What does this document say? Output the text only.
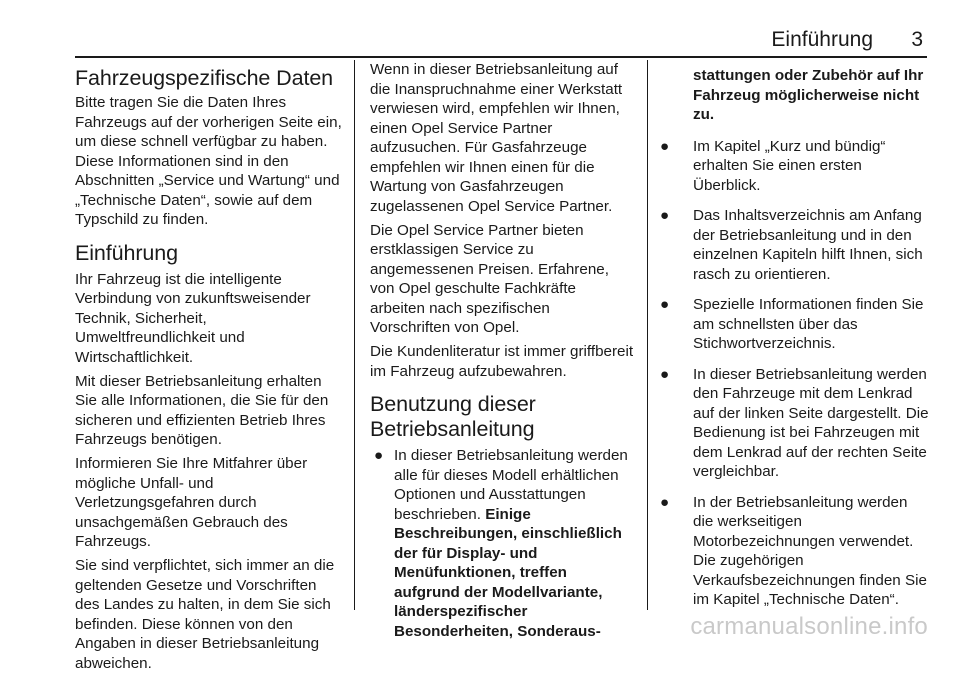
Einführung 3
Fahrzeugspezifische Daten

Bitte tragen Sie die Daten Ihres Fahrzeugs auf der vorherigen Seite ein, um diese schnell verfügbar zu haben. Diese Informationen sind in den Abschnitten „Service und Wartung“ und „Technische Daten“, sowie auf dem Typschild zu finden.

Einführung

Ihr Fahrzeug ist die intelligente Verbindung von zukunftsweisender Technik, Sicherheit, Umweltfreundlichkeit und Wirtschaftlichkeit.

Mit dieser Betriebsanleitung erhalten Sie alle Informationen, die Sie für den sicheren und effizienten Betrieb Ihres Fahrzeugs benötigen.

Informieren Sie Ihre Mitfahrer über mögliche Unfall- und Verletzungsgefahren durch unsachgemäßen Gebrauch des Fahrzeugs.

Sie sind verpflichtet, sich immer an die geltenden Gesetze und Vorschriften des Landes zu halten, in dem Sie sich befinden. Diese können von den Angaben in dieser Betriebsanleitung abweichen.

Wenn in dieser Betriebsanleitung auf die Inanspruchnahme einer Werkstatt verwiesen wird, empfehlen wir Ihnen, einen Opel Service Partner aufzusuchen. Für Gasfahrzeuge empfehlen wir Ihnen einen für die Wartung von Gasfahrzeugen zugelassenen Opel Service Partner.

Die Opel Service Partner bieten erstklassigen Service zu angemessenen Preisen. Erfahrene, von Opel geschulte Fachkräfte arbeiten nach spezifischen Vorschriften von Opel.

Die Kundenliteratur ist immer griffbereit im Fahrzeug aufzubewahren.

Benutzung dieser Betriebsanleitung
● In dieser Betriebsanleitung werden alle für dieses Modell erhältlichen Optionen und Ausstattungen beschrieben. Einige Beschreibungen, einschließlich der für Display- und Menüfunktionen, treffen aufgrund der Modellvariante, länderspezifischer Besonderheiten, Sonderaus-
stattungen oder Zubehör auf Ihr Fahrzeug möglicherweise nicht zu.
● Im Kapitel „Kurz und bündig“ erhalten Sie einen ersten Überblick.
● Das Inhaltsverzeichnis am Anfang der Betriebsanleitung und in den einzelnen Kapiteln hilft Ihnen, sich rasch zu orientieren.
● Spezielle Informationen finden Sie am schnellsten über das Stichwortverzeichnis.
● In dieser Betriebsanleitung werden den Fahrzeuge mit dem Lenkrad auf der linken Seite dargestellt. Die Bedienung ist bei Fahrzeugen mit dem Lenkrad auf der rechten Seite vergleichbar.
● In der Betriebsanleitung werden die werkseitigen Motorbezeichnungen verwendet. Die zugehörigen Verkaufsbezeichnungen finden Sie im Kapitel „Technische Daten“.
carmanualsonline.info
